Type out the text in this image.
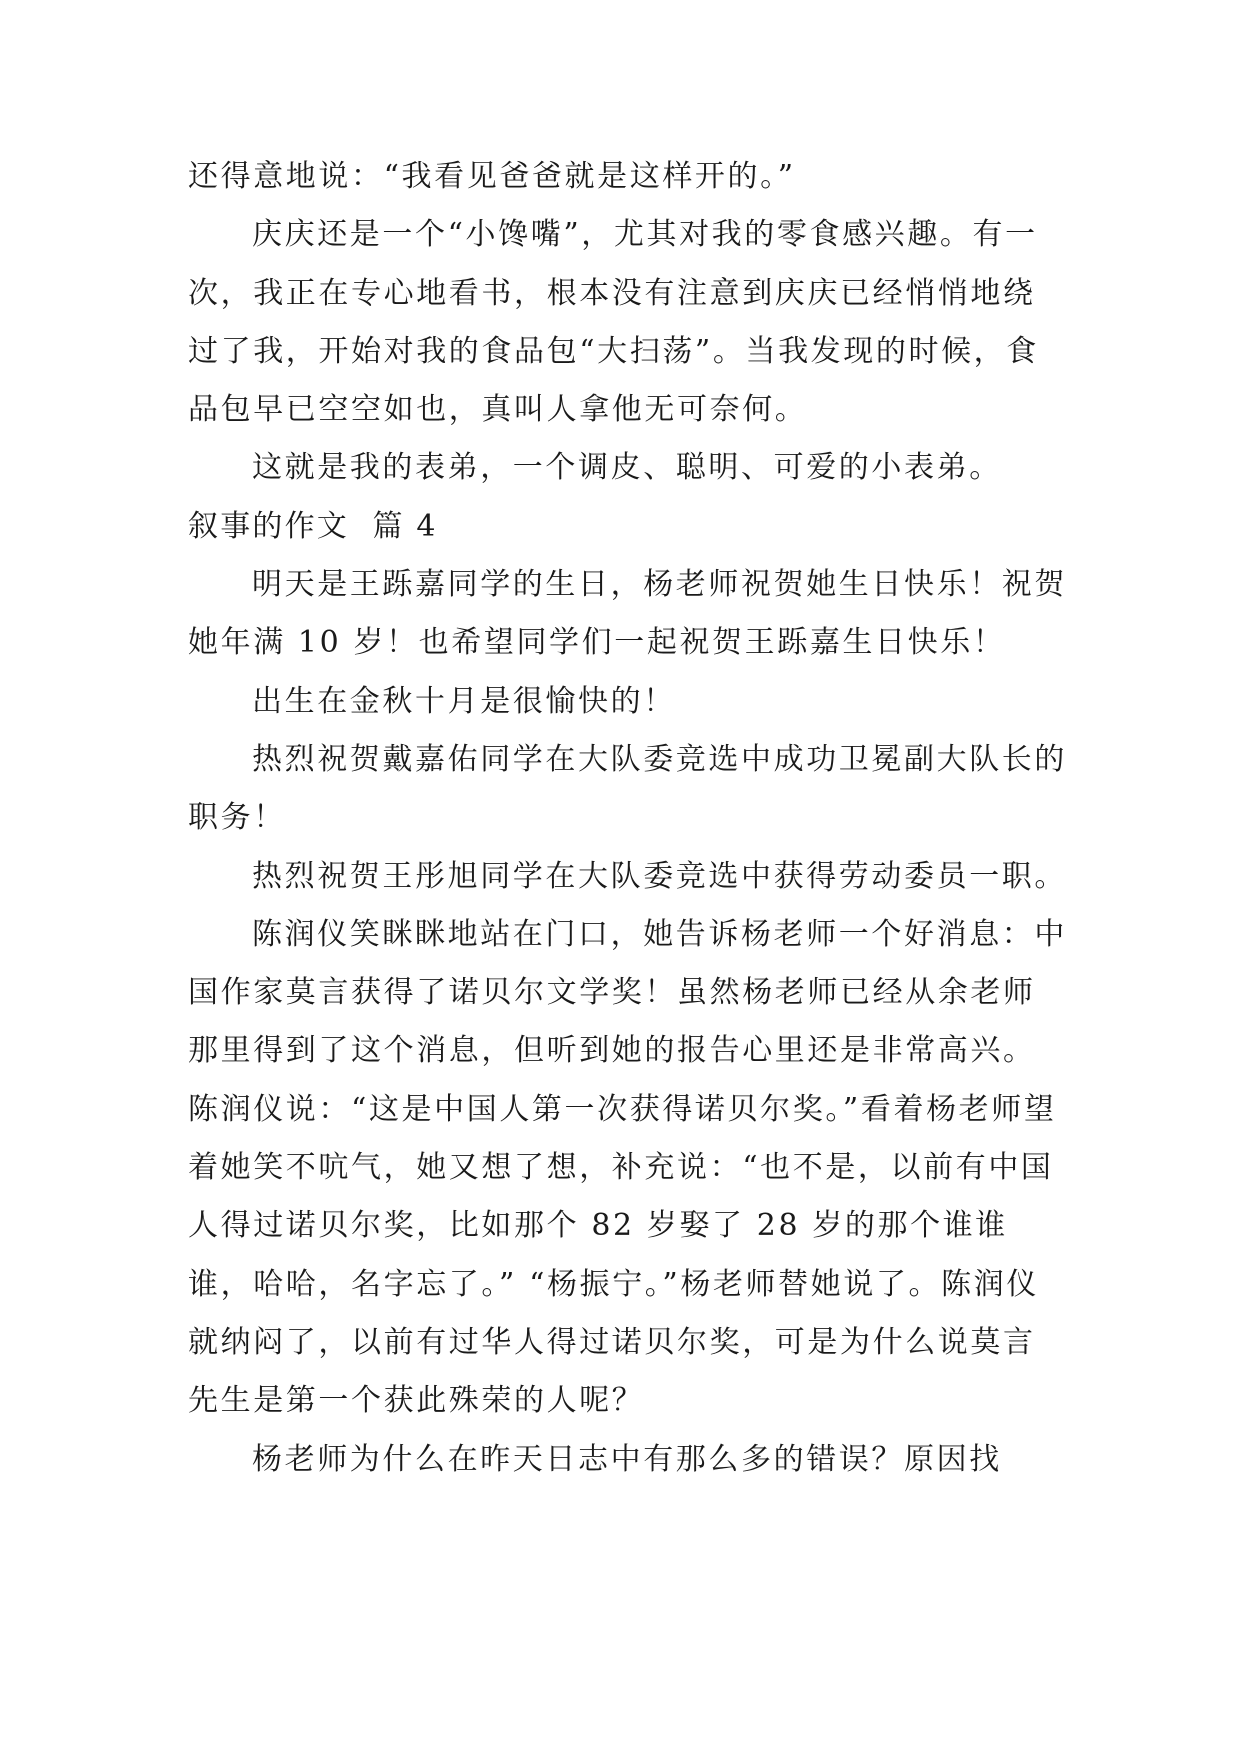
还得意地说：“我看见爸爸就是这样开的。”

庆庆还是一个“小馋嘴”，尤其对我的零食感兴趣。有一次，我正在专心地看书，根本没有注意到庆庆已经悄悄地绕过了我，开始对我的食品包“大扫荡”。当我发现的时候，食品包早已空空如也，真叫人拿他无可奈何。

这就是我的表弟，一个调皮、聪明、可爱的小表弟。

叙事的作文  篇 4

明天是王跞嘉同学的生日，杨老师祝贺她生日快乐！祝贺她年满 10 岁！也希望同学们一起祝贺王跞嘉生日快乐！

出生在金秋十月是很愉快的！

热烈祝贺戴嘉佑同学在大队委竞选中成功卫冕副大队长的职务！

热烈祝贺王彤旭同学在大队委竞选中获得劳动委员一职。

陈润仪笑眯眯地站在门口，她告诉杨老师一个好消息：中国作家莫言获得了诺贝尔文学奖！虽然杨老师已经从余老师那里得到了这个消息，但听到她的报告心里还是非常高兴。陈润仪说：“这是中国人第一次获得诺贝尔奖。”看着杨老师望着她笑不吭气，她又想了想，补充说：“也不是，以前有中国人得过诺贝尔奖，比如那个 82 岁娶了 28 岁的那个谁谁谁，哈哈，名字忘了。” “杨振宁。”杨老师替她说了。陈润仪就纳闷了，以前有过华人得过诺贝尔奖，可是为什么说莫言先生是第一个获此殊荣的人呢？

杨老师为什么在昨天日志中有那么多的错误？原因找
